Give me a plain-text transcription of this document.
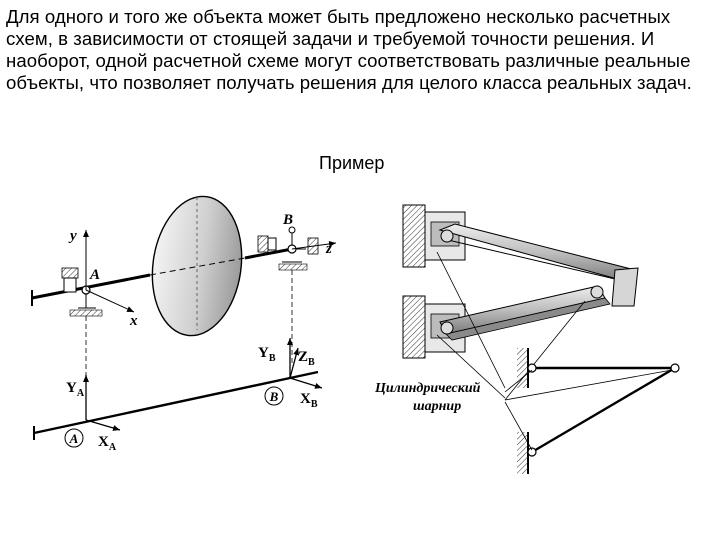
Для одного и того же объекта может быть предложено несколько расчетных схем, в зависимости от стоящей задачи и требуемой точности решения. И наоборот, одной расчетной схеме могут соответствовать различные реальные объекты, что позволяет получать решения для целого класса реальных задач.

Пример
y
x
A
B
z
$Y_A$
$X_A$
A
$Y_B$ $Z_B$
$X_B$
B
Цилиндрический
шарнир
